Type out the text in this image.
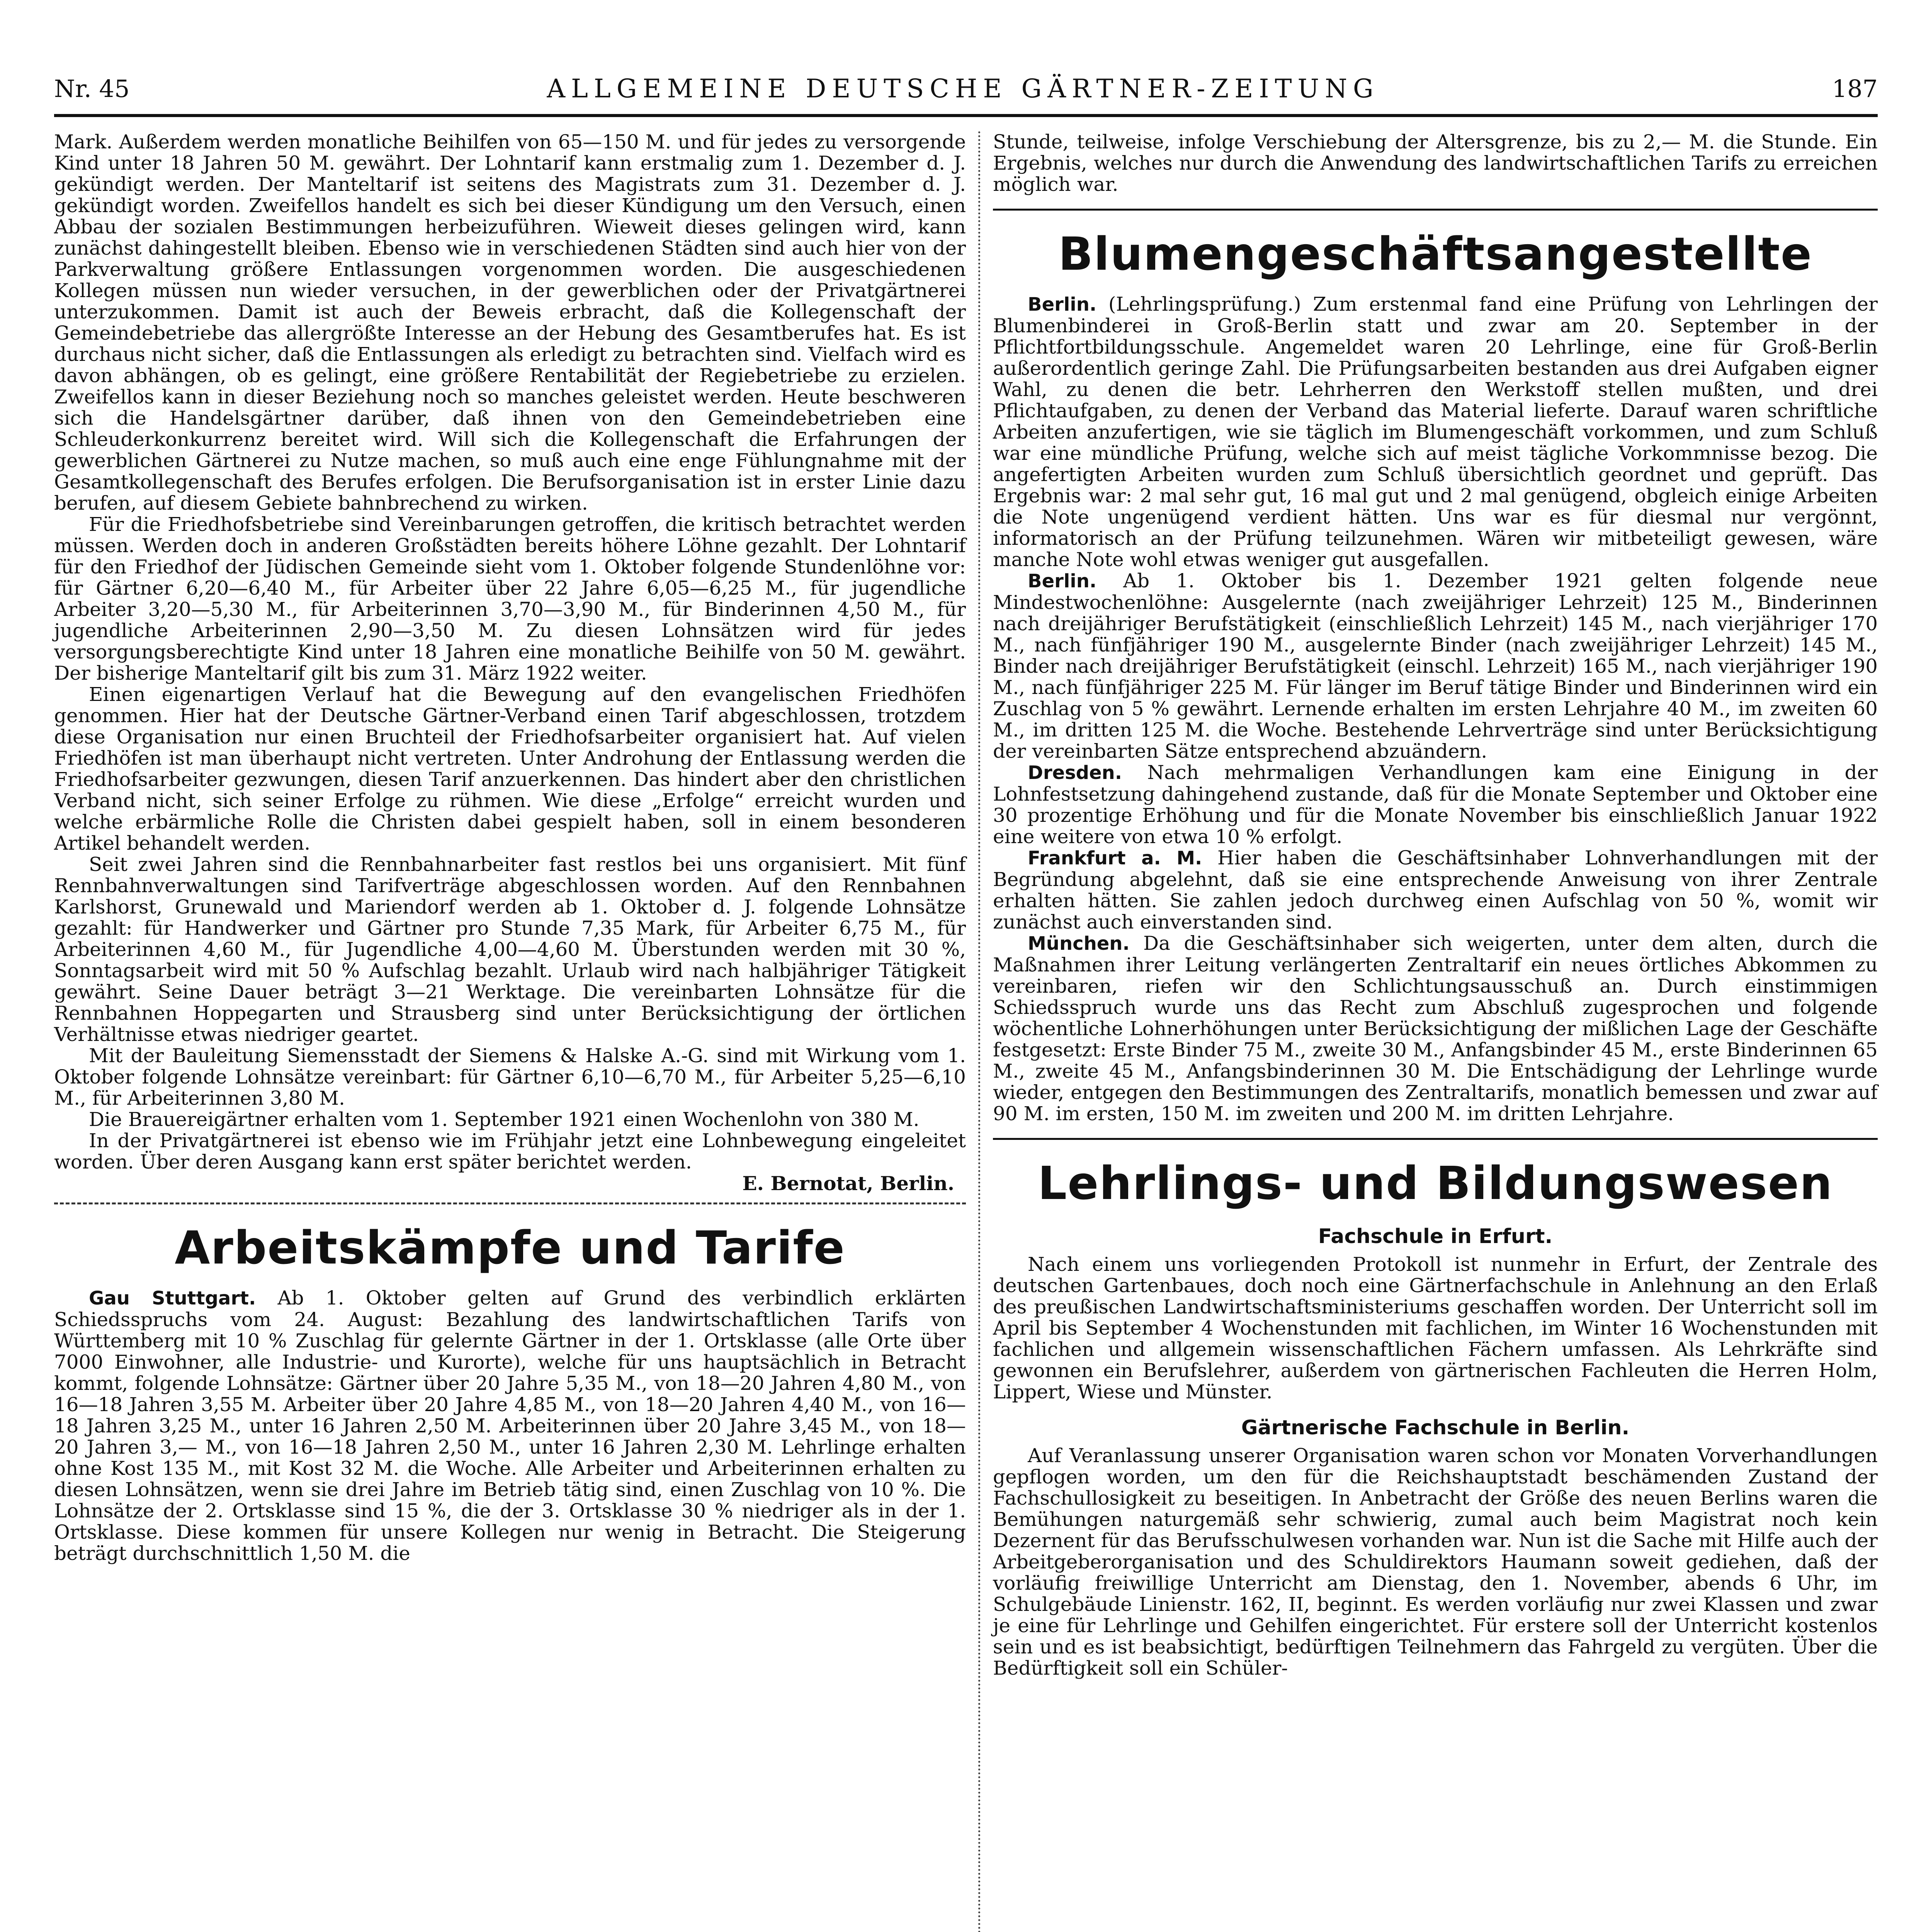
Nr. 45	ALLGEMEINE DEUTSCHE GÄRTNER-ZEITUNG	187

Mark. Außerdem werden monatliche Beihilfen von 65—150 M. und für jedes zu versorgende Kind unter 18 Jahren 50 M. gewährt. Der Lohntarif kann erstmalig zum 1. Dezember d. J. gekündigt werden. Der Manteltarif ist seitens des Magistrats zum 31. Dezember d. J. gekündigt worden. Zweifellos handelt es sich bei dieser Kündigung um den Versuch, einen Abbau der sozialen Bestimmungen herbeizuführen. Wieweit dieses gelingen wird, kann zunächst dahingestellt bleiben. Ebenso wie in verschiedenen Städten sind auch hier von der Parkverwaltung größere Entlassungen vorgenommen worden. Die ausgeschiedenen Kollegen müssen nun wieder versuchen, in der gewerblichen oder der Privatgärtnerei unterzukommen. Damit ist auch der Beweis erbracht, daß die Kollegenschaft der Gemeindebetriebe das allergrößte Interesse an der Hebung des Gesamtberufes hat. Es ist durchaus nicht sicher, daß die Entlassungen als erledigt zu betrachten sind. Vielfach wird es davon abhängen, ob es gelingt, eine größere Rentabilität der Regiebetriebe zu erzielen. Zweifellos kann in dieser Beziehung noch so manches geleistet werden. Heute beschweren sich die Handelsgärtner darüber, daß ihnen von den Gemeindebetrieben eine Schleuderkonkurrenz bereitet wird. Will sich die Kollegenschaft die Erfahrungen der gewerblichen Gärtnerei zu Nutze machen, so muß auch eine enge Fühlungnahme mit der Gesamtkollegenschaft des Berufes erfolgen. Die Berufsorganisation ist in erster Linie dazu berufen, auf diesem Gebiete bahnbrechend zu wirken.

Für die Friedhofsbetriebe sind Vereinbarungen getroffen, die kritisch betrachtet werden müssen. Werden doch in anderen Großstädten bereits höhere Löhne gezahlt. Der Lohntarif für den Friedhof der Jüdischen Gemeinde sieht vom 1. Oktober folgende Stundenlöhne vor: für Gärtner 6,20—6,40 M., für Arbeiter über 22 Jahre 6,05—6,25 M., für jugendliche Arbeiter 3,20—5,30 M., für Arbeiterinnen 3,70—3,90 M., für Binderinnen 4,50 M., für jugendliche Arbeiterinnen 2,90—3,50 M. Zu diesen Lohnsätzen wird für jedes versorgungsberechtigte Kind unter 18 Jahren eine monatliche Beihilfe von 50 M. gewährt. Der bisherige Manteltarif gilt bis zum 31. März 1922 weiter.

Einen eigenartigen Verlauf hat die Bewegung auf den evangelischen Friedhöfen genommen. Hier hat der Deutsche Gärtner-Verband einen Tarif abgeschlossen, trotzdem diese Organisation nur einen Bruchteil der Friedhofsarbeiter organisiert hat. Auf vielen Friedhöfen ist man überhaupt nicht vertreten. Unter Androhung der Entlassung werden die Friedhofsarbeiter gezwungen, diesen Tarif anzuerkennen. Das hindert aber den christlichen Verband nicht, sich seiner Erfolge zu rühmen. Wie diese „Erfolge“ erreicht wurden und welche erbärmliche Rolle die Christen dabei gespielt haben, soll in einem besonderen Artikel behandelt werden.

Seit zwei Jahren sind die Rennbahnarbeiter fast restlos bei uns organisiert. Mit fünf Rennbahnverwaltungen sind Tarifverträge abgeschlossen worden. Auf den Rennbahnen Karlshorst, Grunewald und Mariendorf werden ab 1. Oktober d. J. folgende Lohnsätze gezahlt: für Handwerker und Gärtner pro Stunde 7,35 Mark, für Arbeiter 6,75 M., für Arbeiterinnen 4,60 M., für Jugendliche 4,00—4,60 M. Überstunden werden mit 30 %, Sonntagsarbeit wird mit 50 % Aufschlag bezahlt. Urlaub wird nach halbjähriger Tätigkeit gewährt. Seine Dauer beträgt 3—21 Werktage. Die vereinbarten Lohnsätze für die Rennbahnen Hoppegarten und Strausberg sind unter Berücksichtigung der örtlichen Verhältnisse etwas niedriger geartet.

Mit der Bauleitung Siemensstadt der Siemens & Halske A.-G. sind mit Wirkung vom 1. Oktober folgende Lohnsätze vereinbart: für Gärtner 6,10—6,70 M., für Arbeiter 5,25—6,10 M., für Arbeiterinnen 3,80 M.

Die Brauereigärtner erhalten vom 1. September 1921 einen Wochenlohn von 380 M.

In der Privatgärtnerei ist ebenso wie im Frühjahr jetzt eine Lohnbewegung eingeleitet worden. Über deren Ausgang kann erst später berichtet werden.
E. Bernotat, Berlin.

Arbeitskämpfe und Tarife

Gau Stuttgart. Ab 1. Oktober gelten auf Grund des verbindlich erklärten Schiedsspruchs vom 24. August: Bezahlung des landwirtschaftlichen Tarifs von Württemberg mit 10 % Zuschlag für gelernte Gärtner in der 1. Ortsklasse (alle Orte über 7000 Einwohner, alle Industrie- und Kurorte), welche für uns hauptsächlich in Betracht kommt, folgende Lohnsätze: Gärtner über 20 Jahre 5,35 M., von 18—20 Jahren 4,80 M., von 16—18 Jahren 3,55 M. Arbeiter über 20 Jahre 4,85 M., von 18—20 Jahren 4,40 M., von 16—18 Jahren 3,25 M., unter 16 Jahren 2,50 M. Arbeiterinnen über 20 Jahre 3,45 M., von 18—20 Jahren 3,— M., von 16—18 Jahren 2,50 M., unter 16 Jahren 2,30 M. Lehrlinge erhalten ohne Kost 135 M., mit Kost 32 M. die Woche. Alle Arbeiter und Arbeiterinnen erhalten zu diesen Lohnsätzen, wenn sie drei Jahre im Betrieb tätig sind, einen Zuschlag von 10 %. Die Lohnsätze der 2. Ortsklasse sind 15 %, die der 3. Ortsklasse 30 % niedriger als in der 1. Ortsklasse. Diese kommen für unsere Kollegen nur wenig in Betracht. Die Steigerung beträgt durchschnittlich 1,50 M. die

Stunde, teilweise, infolge Verschiebung der Altersgrenze, bis zu 2,— M. die Stunde. Ein Ergebnis, welches nur durch die Anwendung des landwirtschaftlichen Tarifs zu erreichen möglich war.

Blumengeschäftsangestellte

Berlin. (Lehrlingsprüfung.) Zum erstenmal fand eine Prüfung von Lehrlingen der Blumenbinderei in Groß-Berlin statt und zwar am 20. September in der Pflichtfortbildungsschule. Angemeldet waren 20 Lehrlinge, eine für Groß-Berlin außerordentlich geringe Zahl. Die Prüfungsarbeiten bestanden aus drei Aufgaben eigner Wahl, zu denen die betr. Lehrherren den Werkstoff stellen mußten, und drei Pflichtaufgaben, zu denen der Verband das Material lieferte. Darauf waren schriftliche Arbeiten anzufertigen, wie sie täglich im Blumengeschäft vorkommen, und zum Schluß war eine mündliche Prüfung, welche sich auf meist tägliche Vorkommnisse bezog. Die angefertigten Arbeiten wurden zum Schluß übersichtlich geordnet und geprüft. Das Ergebnis war: 2 mal sehr gut, 16 mal gut und 2 mal genügend, obgleich einige Arbeiten die Note ungenügend verdient hätten. Uns war es für diesmal nur vergönnt, informatorisch an der Prüfung teilzunehmen. Wären wir mitbeteiligt gewesen, wäre manche Note wohl etwas weniger gut ausgefallen.

Berlin. Ab 1. Oktober bis 1. Dezember 1921 gelten folgende neue Mindestwochenlöhne: Ausgelernte (nach zweijähriger Lehrzeit) 125 M., Binderinnen nach dreijähriger Berufstätigkeit (einschließlich Lehrzeit) 145 M., nach vierjähriger 170 M., nach fünfjähriger 190 M., ausgelernte Binder (nach zweijähriger Lehrzeit) 145 M., Binder nach dreijähriger Berufstätigkeit (einschl. Lehrzeit) 165 M., nach vierjähriger 190 M., nach fünfjähriger 225 M. Für länger im Beruf tätige Binder und Binderinnen wird ein Zuschlag von 5 % gewährt. Lernende erhalten im ersten Lehrjahre 40 M., im zweiten 60 M., im dritten 125 M. die Woche. Bestehende Lehrverträge sind unter Berücksichtigung der vereinbarten Sätze entsprechend abzuändern.

Dresden. Nach mehrmaligen Verhandlungen kam eine Einigung in der Lohnfestsetzung dahingehend zustande, daß für die Monate September und Oktober eine 30 prozentige Erhöhung und für die Monate November bis einschließlich Januar 1922 eine weitere von etwa 10 % erfolgt.

Frankfurt a. M. Hier haben die Geschäftsinhaber Lohnverhandlungen mit der Begründung abgelehnt, daß sie eine entsprechende Anweisung von ihrer Zentrale erhalten hätten. Sie zahlen jedoch durchweg einen Aufschlag von 50 %, womit wir zunächst auch einverstanden sind.

München. Da die Geschäftsinhaber sich weigerten, unter dem alten, durch die Maßnahmen ihrer Leitung verlängerten Zentraltarif ein neues örtliches Abkommen zu vereinbaren, riefen wir den Schlichtungsausschuß an. Durch einstimmigen Schiedsspruch wurde uns das Recht zum Abschluß zugesprochen und folgende wöchentliche Lohnerhöhungen unter Berücksichtigung der mißlichen Lage der Geschäfte festgesetzt: Erste Binder 75 M., zweite 30 M., Anfangsbinder 45 M., erste Binderinnen 65 M., zweite 45 M., Anfangsbinderinnen 30 M. Die Entschädigung der Lehrlinge wurde wieder, entgegen den Bestimmungen des Zentraltarifs, monatlich bemessen und zwar auf 90 M. im ersten, 150 M. im zweiten und 200 M. im dritten Lehrjahre.

Lehrlings- und Bildungswesen
Fachschule in Erfurt.

Nach einem uns vorliegenden Protokoll ist nunmehr in Erfurt, der Zentrale des deutschen Gartenbaues, doch noch eine Gärtnerfachschule in Anlehnung an den Erlaß des preußischen Landwirtschaftsministeriums geschaffen worden. Der Unterricht soll im April bis September 4 Wochenstunden mit fachlichen, im Winter 16 Wochenstunden mit fachlichen und allgemein wissenschaftlichen Fächern umfassen. Als Lehrkräfte sind gewonnen ein Berufslehrer, außerdem von gärtnerischen Fachleuten die Herren Holm, Lippert, Wiese und Münster.

Gärtnerische Fachschule in Berlin.

Auf Veranlassung unserer Organisation waren schon vor Monaten Vorverhandlungen gepflogen worden, um den für die Reichshauptstadt beschämenden Zustand der Fachschullosigkeit zu beseitigen. In Anbetracht der Größe des neuen Berlins waren die Bemühungen naturgemäß sehr schwierig, zumal auch beim Magistrat noch kein Dezernent für das Berufsschulwesen vorhanden war. Nun ist die Sache mit Hilfe auch der Arbeitgeberorganisation und des Schuldirektors Haumann soweit gediehen, daß der vorläufig freiwillige Unterricht am Dienstag, den 1. November, abends 6 Uhr, im Schulgebäude Linienstr. 162, II, beginnt. Es werden vorläufig nur zwei Klassen und zwar je eine für Lehrlinge und Gehilfen eingerichtet. Für erstere soll der Unterricht kostenlos sein und es ist beabsichtigt, bedürftigen Teilnehmern das Fahrgeld zu vergüten. Über die Bedürftigkeit soll ein Schüler-
